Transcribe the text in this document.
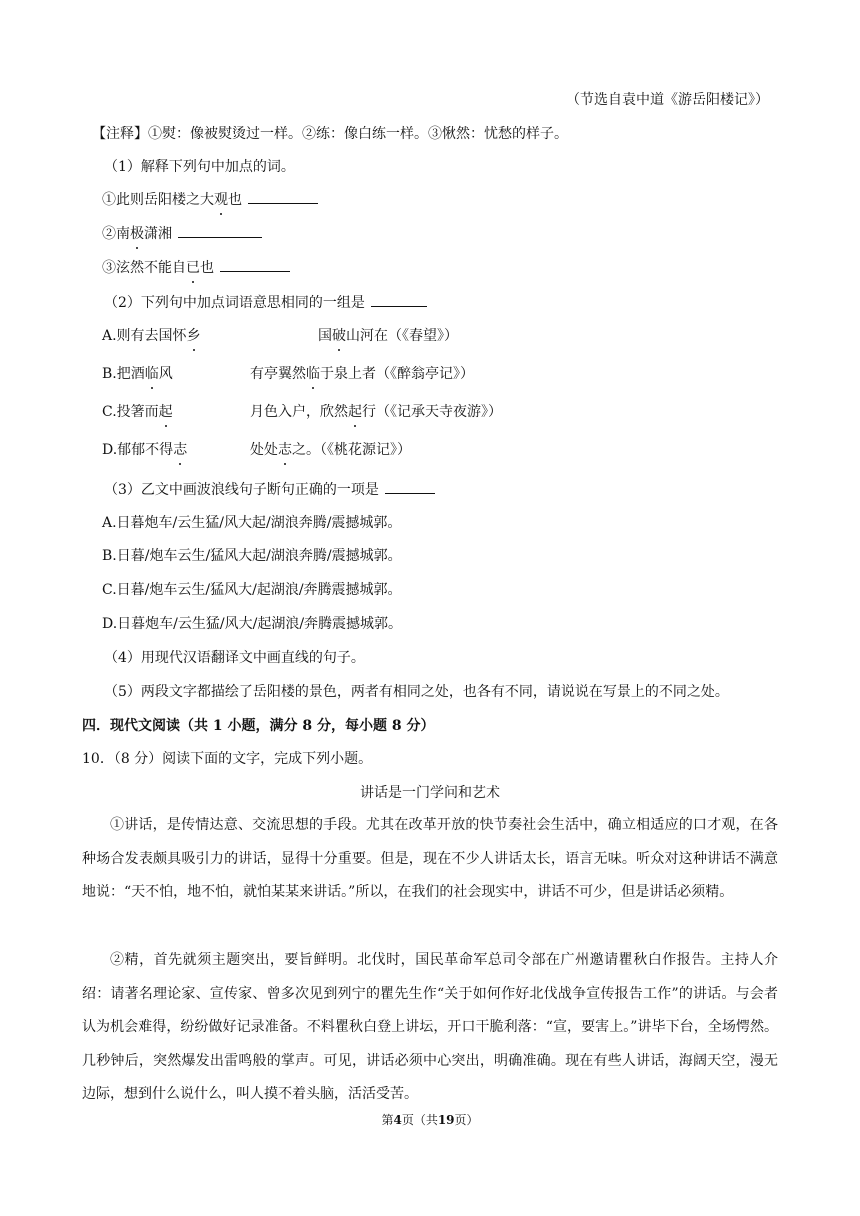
（节选自袁中道《游岳阳楼记》）
【注释】①熨：像被熨烫过一样。②练：像白练一样。③愀然：忧愁的样子。
（1）解释下列句中加点的词。
①此则岳阳楼之大观也
②南极潇湘
③泫然不能自已也
（2）下列句中加点词语意思相同的一组是
A.则有去国怀乡	国破山河在（《春望》）
B.把酒临风	有亭翼然临于泉上者（《醉翁亭记》）
C.投箸而起	月色入户，欣然起行（《记承天寺夜游》）
D.郁郁不得志	处处志之。（《桃花源记》）
（3）乙文中画波浪线句子断句正确的一项是
A.日暮炮车/云生猛/风大起/湖浪奔腾/震撼城郭。
B.日暮/炮车云生/猛风大起/湖浪奔腾/震撼城郭。
C.日暮/炮车云生/猛风大/起湖浪/奔腾震撼城郭。
D.日暮炮车/云生猛/风大/起湖浪/奔腾震撼城郭。
（4）用现代汉语翻译文中画直线的句子。
（5）两段文字都描绘了岳阳楼的景色，两者有相同之处，也各有不同，请说说在写景上的不同之处。
四．现代文阅读（共 1 小题，满分 8 分，每小题 8 分）
10．（8 分）阅读下面的文字，完成下列小题。
讲话是一门学问和艺术
①讲话，是传情达意、交流思想的手段。尤其在改革开放的快节奏社会生活中，确立相适应的口才观，在各种场合发表颇具吸引力的讲话，显得十分重要。但是，现在不少人讲话太长，语言无味。听众对这种讲话不满意地说：“天不怕，地不怕，就怕某某来讲话。”所以，在我们的社会现实中，讲话不可少，但是讲话必须精。
②精，首先就须主题突出，要旨鲜明。北伐时，国民革命军总司令部在广州邀请瞿秋白作报告。主持人介绍：请著名理论家、宣传家、曾多次见到列宁的瞿先生作“关于如何作好北伐战争宣传报告工作”的讲话。与会者认为机会难得，纷纷做好记录准备。不料瞿秋白登上讲坛，开口干脆利落：“宣，要害上。”讲毕下台，全场愕然。几秒钟后，突然爆发出雷鸣般的掌声。可见，讲话必须中心突出，明确准确。现在有些人讲话，海阔天空，漫无边际，想到什么说什么，叫人摸不着头脑，活活受苦。
第4页（共19页）
